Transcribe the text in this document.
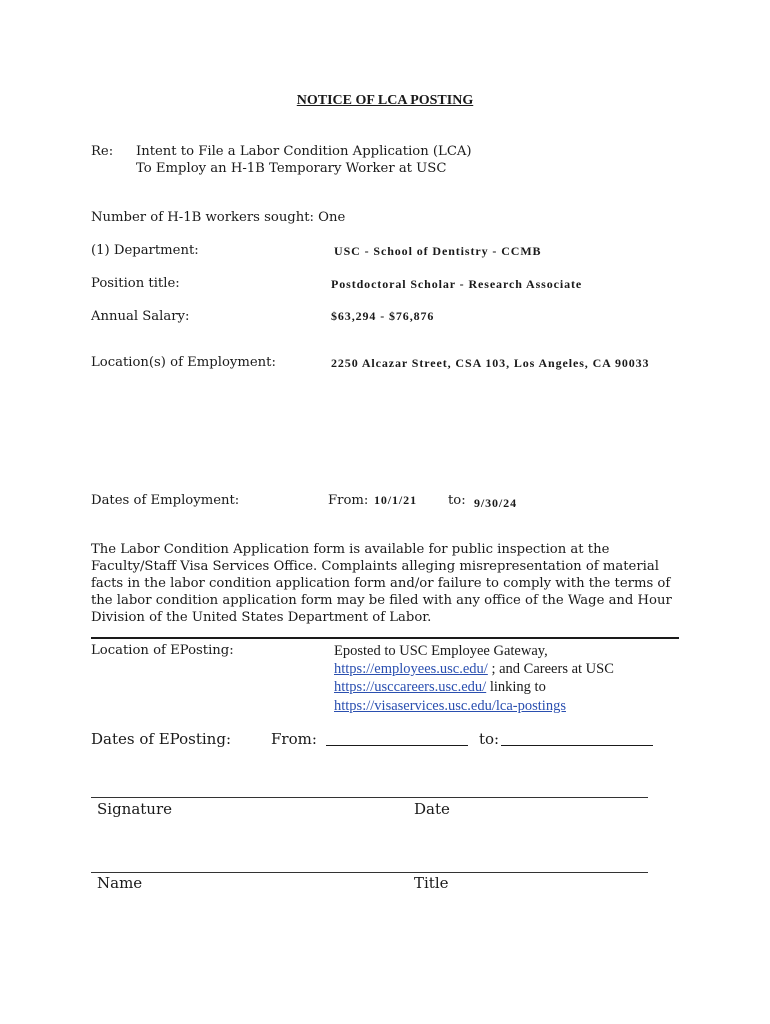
NOTICE OF LCA POSTING
Re: Intent to File a Labor Condition Application (LCA)
To Employ an H-1B Temporary Worker at USC
Number of H-1B workers sought: One
(1) Department:	USC - School of Dentistry - CCMB
Position title:	Postdoctoral Scholar - Research Associate
Annual Salary:	$63,294 - $76,876
Location(s) of Employment:	2250 Alcazar Street, CSA 103, Los Angeles, CA 90033
Dates of Employment:	From: 10/1/21 to: 9/30/24
The Labor Condition Application form is available for public inspection at the
Faculty/Staff Visa Services Office. Complaints alleging misrepresentation of material
facts in the labor condition application form and/or failure to comply with the terms of
the labor condition application form may be filed with any office of the Wage and Hour
Division of the United States Department of Labor.
Location of EPosting:	Eposted to USC Employee Gateway,
https://employees.usc.edu/ ; and Careers at USC
https://usccareers.usc.edu/ linking to
https://visaservices.usc.edu/lca-postings
Dates of EPosting:	From:	to:
Signature	Date
Name	Title
